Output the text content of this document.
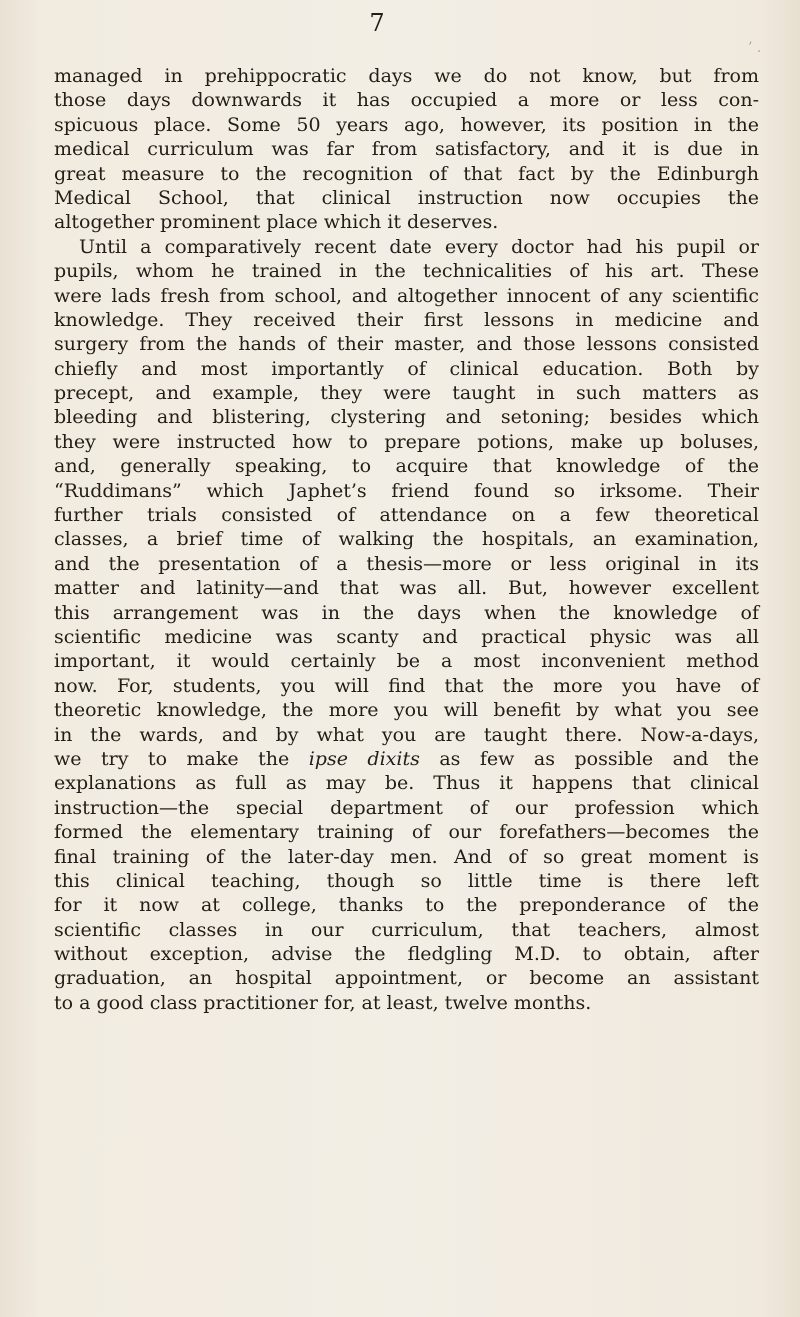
7
’ .
managed in prehippocratic days we do not know, but from
those days downwards it has occupied a more or less con-
spicuous place. Some 50 years ago, however, its position in the
medical curriculum was far from satisfactory, and it is due in
great measure to the recognition of that fact by the Edinburgh
Medical School, that clinical instruction now occupies the
altogether prominent place which it deserves.
Until a comparatively recent date every doctor had his pupil or
pupils, whom he trained in the technicalities of his art. These
were lads fresh from school, and altogether innocent of any scientific
knowledge. They received their first lessons in medicine and
surgery from the hands of their master, and those lessons consisted
chiefly and most importantly of clinical education. Both by
precept, and example, they were taught in such matters as
bleeding and blistering, clystering and setoning; besides which
they were instructed how to prepare potions, make up boluses,
and, generally speaking, to acquire that knowledge of the
“Ruddimans” which Japhet’s friend found so irksome. Their
further trials consisted of attendance on a few theoretical
classes, a brief time of walking the hospitals, an examination,
and the presentation of a thesis—more or less original in its
matter and latinity—and that was all. But, however excellent
this arrangement was in the days when the knowledge of
scientific medicine was scanty and practical physic was all
important, it would certainly be a most inconvenient method
now. For, students, you will find that the more you have of
theoretic knowledge, the more you will benefit by what you see
in the wards, and by what you are taught there. Now-a-days,
we try to make the ipse dixits as few as possible and the
explanations as full as may be. Thus it happens that clinical
instruction—the special department of our profession which
formed the elementary training of our forefathers—becomes the
final training of the later-day men. And of so great moment is
this clinical teaching, though so little time is there left
for it now at college, thanks to the preponderance of the
scientific classes in our curriculum, that teachers, almost
without exception, advise the fledgling M.D. to obtain, after
graduation, an hospital appointment, or become an assistant
to a good class practitioner for, at least, twelve months.
